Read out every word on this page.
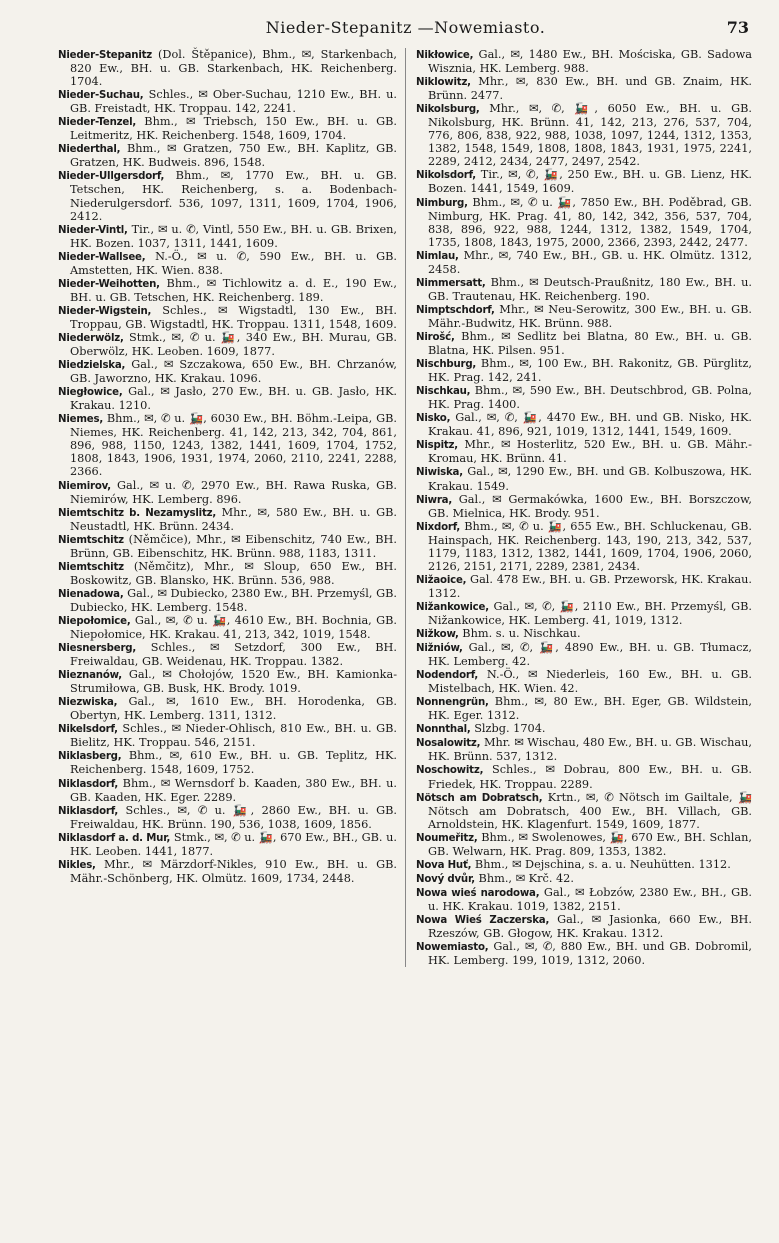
Nieder-Stepanitz —Nowemiasto.	73

Nieder-Stepanitz (Dol. Štěpanice), Bhm., ✉, Starkenbach, 820 Ew., BH. u. GB. Starkenbach, HK. Reichenberg. 1704.

Nieder-Suchau, Schles., ✉ Ober-Suchau, 1210 Ew., BH. u. GB. Freistadt, HK. Troppau. 142, 2241.

Nieder-Tenzel, Bhm., ✉ Triebsch, 150 Ew., BH. u. GB. Leitmeritz, HK. Reichenberg. 1548, 1609, 1704.

Niederthal, Bhm., ✉ Gratzen, 750 Ew., BH. Kaplitz, GB. Gratzen, HK. Budweis. 896, 1548.

Nieder-Ullgersdorf, Bhm., ✉, 1770 Ew., BH. u. GB. Tetschen, HK. Reichenberg, s. a. Bodenbach-Niederulgersdorf. 536, 1097, 1311, 1609, 1704, 1906, 2412.

Nieder-Vintl, Tir., ✉ u. ✆, Vintl, 550 Ew., BH. u. GB. Brixen, HK. Bozen. 1037, 1311, 1441, 1609.

Nieder-Wallsee, N.-Ö., ✉ u. ✆, 590 Ew., BH. u. GB. Amstetten, HK. Wien. 838.

Nieder-Weihotten, Bhm., ✉ Tichlowitz a. d. E., 190 Ew., BH. u. GB. Tetschen, HK. Reichenberg. 189.

Nieder-Wigstein, Schles., ✉ Wigstadtl, 130 Ew., BH. Troppau, GB. Wigstadtl, HK. Troppau. 1311, 1548, 1609.

Niederwölz, Stmk., ✉, ✆ u. 🚂, 340 Ew., BH. Murau, GB. Oberwölz, HK. Leoben. 1609, 1877.

Niedzielska, Gal., ✉ Szczakowa, 650 Ew., BH. Chrzanów, GB. Jaworzno, HK. Krakau. 1096.

Niegłowice, Gal., ✉ Jasło, 270 Ew., BH. u. GB. Jasło, HK. Krakau. 1210.

Niemes, Bhm., ✉, ✆ u. 🚂, 6030 Ew., BH. Böhm.-Leipa, GB. Niemes, HK. Reichenberg. 41, 142, 213, 342, 704, 861, 896, 988, 1150, 1243, 1382, 1441, 1609, 1704, 1752, 1808, 1843, 1906, 1931, 1974, 2060, 2110, 2241, 2288, 2366.

Niemirov, Gal., ✉ u. ✆, 2970 Ew., BH. Rawa Ruska, GB. Niemirów, HK. Lemberg. 896.

Niemtschitz b. Nezamyslitz, Mhr., ✉, 580 Ew., BH. u. GB. Neustadtl, HK. Brünn. 2434.

Niemtschitz (Němčice), Mhr., ✉ Eibenschitz, 740 Ew., BH. Brünn, GB. Eibenschitz, HK. Brünn. 988, 1183, 1311.

Niemtschitz (Němčitz), Mhr., ✉ Sloup, 650 Ew., BH. Boskowitz, GB. Blansko, HK. Brünn. 536, 988.

Nienadowa, Gal., ✉ Dubiecko, 2380 Ew., BH. Przemyśl, GB. Dubiecko, HK. Lemberg. 1548.

Niepołomice, Gal., ✉, ✆ u. 🚂, 4610 Ew., BH. Bochnia, GB. Niepołomice, HK. Krakau. 41, 213, 342, 1019, 1548.

Niesnersberg, Schles., ✉ Setzdorf, 300 Ew., BH. Freiwaldau, GB. Weidenau, HK. Troppau. 1382.

Nieznanów, Gal., ✉ Chołojów, 1520 Ew., BH. Kamionka-Strumiłowa, GB. Busk, HK. Brody. 1019.

Niezwiska, Gal., ✉, 1610 Ew., BH. Horodenka, GB. Obertyn, HK. Lemberg. 1311, 1312.

Nikelsdorf, Schles., ✉ Nieder-Ohlisch, 810 Ew., BH. u. GB. Bielitz, HK. Troppau. 546, 2151.

Niklasberg, Bhm., ✉, 610 Ew., BH. u. GB. Teplitz, HK. Reichenberg. 1548, 1609, 1752.

Niklasdorf, Bhm., ✉ Wernsdorf b. Kaaden, 380 Ew., BH. u. GB. Kaaden, HK. Eger. 2289.

Niklasdorf, Schles., ✉, ✆ u. 🚂, 2860 Ew., BH. u. GB. Freiwaldau, HK. Brünn. 190, 536, 1038, 1609, 1856.

Niklasdorf a. d. Mur, Stmk., ✉, ✆ u. 🚂, 670 Ew., BH., GB. u. HK. Leoben. 1441, 1877.

Nikles, Mhr., ✉ Märzdorf-Nikles, 910 Ew., BH. u. GB. Mähr.-Schönberg, HK. Olmütz. 1609, 1734, 2448.

Nikłowice, Gal., ✉, 1480 Ew., BH. Mościska, GB. Sadowa Wisznia, HK. Lemberg. 988.

Niklowitz, Mhr., ✉, 830 Ew., BH. und GB. Znaim, HK. Brünn. 2477.

Nikolsburg, Mhr., ✉, ✆, 🚂, 6050 Ew., BH. u. GB. Nikolsburg, HK. Brünn. 41, 142, 213, 276, 537, 704, 776, 806, 838, 922, 988, 1038, 1097, 1244, 1312, 1353, 1382, 1548, 1549, 1808, 1808, 1843, 1931, 1975, 2241, 2289, 2412, 2434, 2477, 2497, 2542.

Nikolsdorf, Tir., ✉, ✆, 🚂, 250 Ew., BH. u. GB. Lienz, HK. Bozen. 1441, 1549, 1609.

Nimburg, Bhm., ✉, ✆ u. 🚂, 7850 Ew., BH. Poděbrad, GB. Nimburg, HK. Prag. 41, 80, 142, 342, 356, 537, 704, 838, 896, 922, 988, 1244, 1312, 1382, 1549, 1704, 1735, 1808, 1843, 1975, 2000, 2366, 2393, 2442, 2477.

Nimlau, Mhr., ✉, 740 Ew., BH., GB. u. HK. Olmütz. 1312, 2458.

Nimmersatt, Bhm., ✉ Deutsch-Praußnitz, 180 Ew., BH. u. GB. Trautenau, HK. Reichenberg. 190.

Nimptschdorf, Mhr., ✉ Neu-Serowitz, 300 Ew., BH. u. GB. Mähr.-Budwitz, HK. Brünn. 988.

Nirošć, Bhm., ✉ Sedlitz bei Blatna, 80 Ew., BH. u. GB. Blatna, HK. Pilsen. 951.

Nischburg, Bhm., ✉, 100 Ew., BH. Rakonitz, GB. Pürglitz, HK. Prag. 142, 241.

Nischkau, Bhm., ✉, 590 Ew., BH. Deutschbrod, GB. Polna, HK. Prag. 1400.

Nisko, Gal., ✉, ✆, 🚂, 4470 Ew., BH. und GB. Nisko, HK. Krakau. 41, 896, 921, 1019, 1312, 1441, 1549, 1609.

Nispitz, Mhr., ✉ Hosterlitz, 520 Ew., BH. u. GB. Mähr.-Kromau, HK. Brünn. 41.

Niwiska, Gal., ✉, 1290 Ew., BH. und GB. Kolbuszowa, HK. Krakau. 1549.

Niwra, Gal., ✉ Germakówka, 1600 Ew., BH. Borszczow, GB. Mielnica, HK. Brody. 951.

Nixdorf, Bhm., ✉, ✆ u. 🚂, 655 Ew., BH. Schluckenau, GB. Hainspach, HK. Reichenberg. 143, 190, 213, 342, 537, 1179, 1183, 1312, 1382, 1441, 1609, 1704, 1906, 2060, 2126, 2151, 2171, 2289, 2381, 2434.

Nižaoice, Gal. 478 Ew., BH. u. GB. Przeworsk, HK. Krakau. 1312.

Nižankowice, Gal., ✉, ✆, 🚂, 2110 Ew., BH. Przemyśl, GB. Nižankowice, HK. Lemberg. 41, 1019, 1312.

Nižkow, Bhm. s. u. Nischkau.

Nižniów, Gal., ✉, ✆, 🚂, 4890 Ew., BH. u. GB. Tłumacz, HK. Lemberg. 42.

Nodendorf, N.-Ö., ✉ Niederleis, 160 Ew., BH. u. GB. Mistelbach, HK. Wien. 42.

Nonnengrün, Bhm., ✉, 80 Ew., BH. Eger, GB. Wildstein, HK. Eger. 1312.

Nonnthal, Slzbg. 1704.

Nosalowitz, Mhr. ✉ Wischau, 480 Ew., BH. u. GB. Wischau, HK. Brünn. 537, 1312.

Noschowitz, Schles., ✉ Dobrau, 800 Ew., BH. u. GB. Friedek, HK. Troppau. 2289.

Nötsch am Dobratsch, Krtn., ✉, ✆ Nötsch im Gailtale, 🚂 Nötsch am Dobratsch, 400 Ew., BH. Villach, GB. Arnoldstein, HK. Klagenfurt. 1549, 1609, 1877.

Noumeřitz, Bhm., ✉ Swolenowes, 🚂, 670 Ew., BH. Schlan, GB. Welwarn, HK. Prag. 809, 1353, 1382.

Nova Huť, Bhm., ✉ Dejschina, s. a. u. Neuhütten. 1312.

Nový dvůr, Bhm., ✉ Krč. 42.

Nowa wieś narodowa, Gal., ✉ Łobzów, 2380 Ew., BH., GB. u. HK. Krakau. 1019, 1382, 2151.

Nowa Wieś Zaczerska, Gal., ✉ Jasionka, 660 Ew., BH. Rzeszów, GB. Głogow, HK. Krakau. 1312.

Nowemiasto, Gal., ✉, ✆, 880 Ew., BH. und GB. Dobromil, HK. Lemberg. 199, 1019, 1312, 2060.
